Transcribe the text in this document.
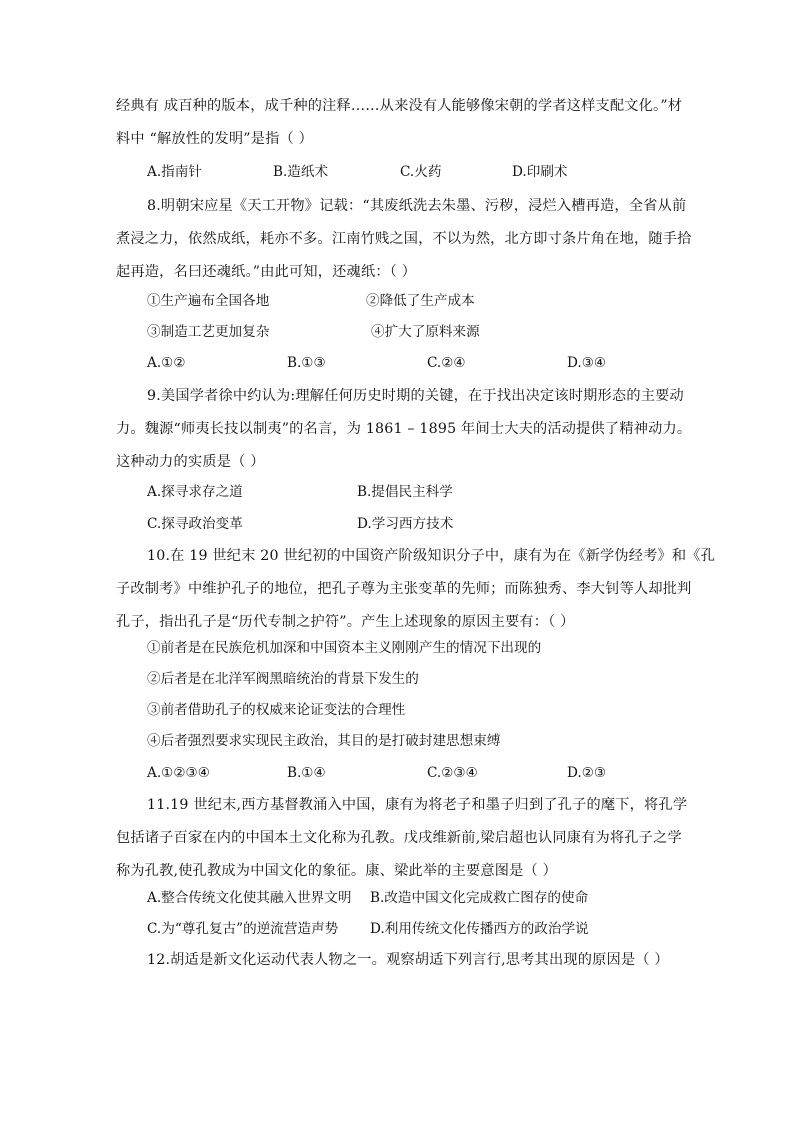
经典有 成百种的版本，成千种的注释……从来没有人能够像宋朝的学者这样支配文化。”材
料中 “解放性的发明”是指（ ）
A.指南针	B.造纸术	C.火药	D.印刷术
8.明朝宋应星《天工开物》记载：“其废纸洗去朱墨、污秽，浸烂入槽再造，全省从前
煮浸之力，依然成纸，耗亦不多。江南竹贱之国，不以为然，北方即寸条片角在地，随手拾
起再造，名曰还魂纸。”由此可知，还魂纸：（ ）
①生产遍布全国各地	②降低了生产成本
③制造工艺更加复杂	④扩大了原料来源
A.①②	B.①③	C.②④	D.③④
9.美国学者徐中约认为:理解任何历史时期的关键，在于找出决定该时期形态的主要动
力。魏源“师夷长技以制夷”的名言，为 1861 – 1895 年间士大夫的活动提供了精神动力。
这种动力的实质是（ ）
A.探寻求存之道	B.提倡民主科学
C.探寻政治变革	D.学习西方技术
10.在 19 世纪末 20 世纪初的中国资产阶级知识分子中，康有为在《新学伪经考》和《孔
子改制考》中维护孔子的地位，把孔子尊为主张变革的先师；而陈独秀、李大钊等人却批判
孔子，指出孔子是“历代专制之护符”。产生上述现象的原因主要有：（ ）
①前者是在民族危机加深和中国资本主义刚刚产生的情况下出现的
②后者是在北洋军阀黑暗统治的背景下发生的
③前者借助孔子的权威来论证变法的合理性
④后者强烈要求实现民主政治，其目的是打破封建思想束缚
A.①②③④	B.①④	C.②③④	D.②③
11.19 世纪末,西方基督教涌入中国，康有为将老子和墨子归到了孔子的麾下，将孔学
包括诸子百家在内的中国本土文化称为孔教。戊戌维新前,梁启超也认同康有为将孔子之学
称为孔教,使孔教成为中国文化的象征。康、梁此举的主要意图是（ ）
A.整合传统文化使其融入世界文明 B.改造中国文化完成救亡图存的使命
C.为“尊孔复古”的逆流营造声势 D.利用传统文化传播西方的政治学说
12.胡适是新文化运动代表人物之一。观察胡适下列言行,思考其出现的原因是（ ）
